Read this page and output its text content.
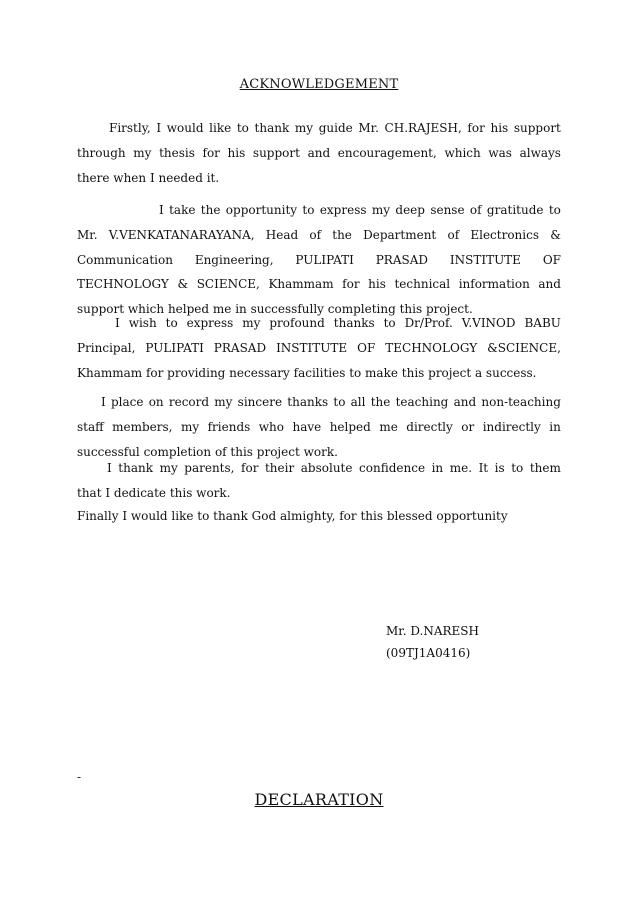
ACKNOWLEDGEMENT
Firstly, I would like to thank my guide Mr. CH.RAJESH, for his support
through my thesis for his support and encouragement, which was always
there when I needed it.
I take the opportunity to express my deep sense of gratitude to
Mr. V.VENKATANARAYANA, Head of the Department of Electronics &
Communication Engineering, PULIPATI PRASAD INSTITUTE OF
TECHNOLOGY & SCIENCE, Khammam for his technical information and
support which helped me in successfully completing this project.
I wish to express my profound thanks to Dr/Prof. V.VINOD BABU
Principal, PULIPATI PRASAD INSTITUTE OF TECHNOLOGY &SCIENCE,
Khammam for providing necessary facilities to make this project a success.
I place on record my sincere thanks to all the teaching and non-teaching
staff members, my friends who have helped me directly or indirectly in
successful completion of this project work.
I thank my parents, for their absolute confidence in me. It is to them
that I dedicate this work.
Finally I would like to thank God almighty, for this blessed opportunity
Mr. D.NARESH
(09TJ1A0416)
-
DECLARATION
